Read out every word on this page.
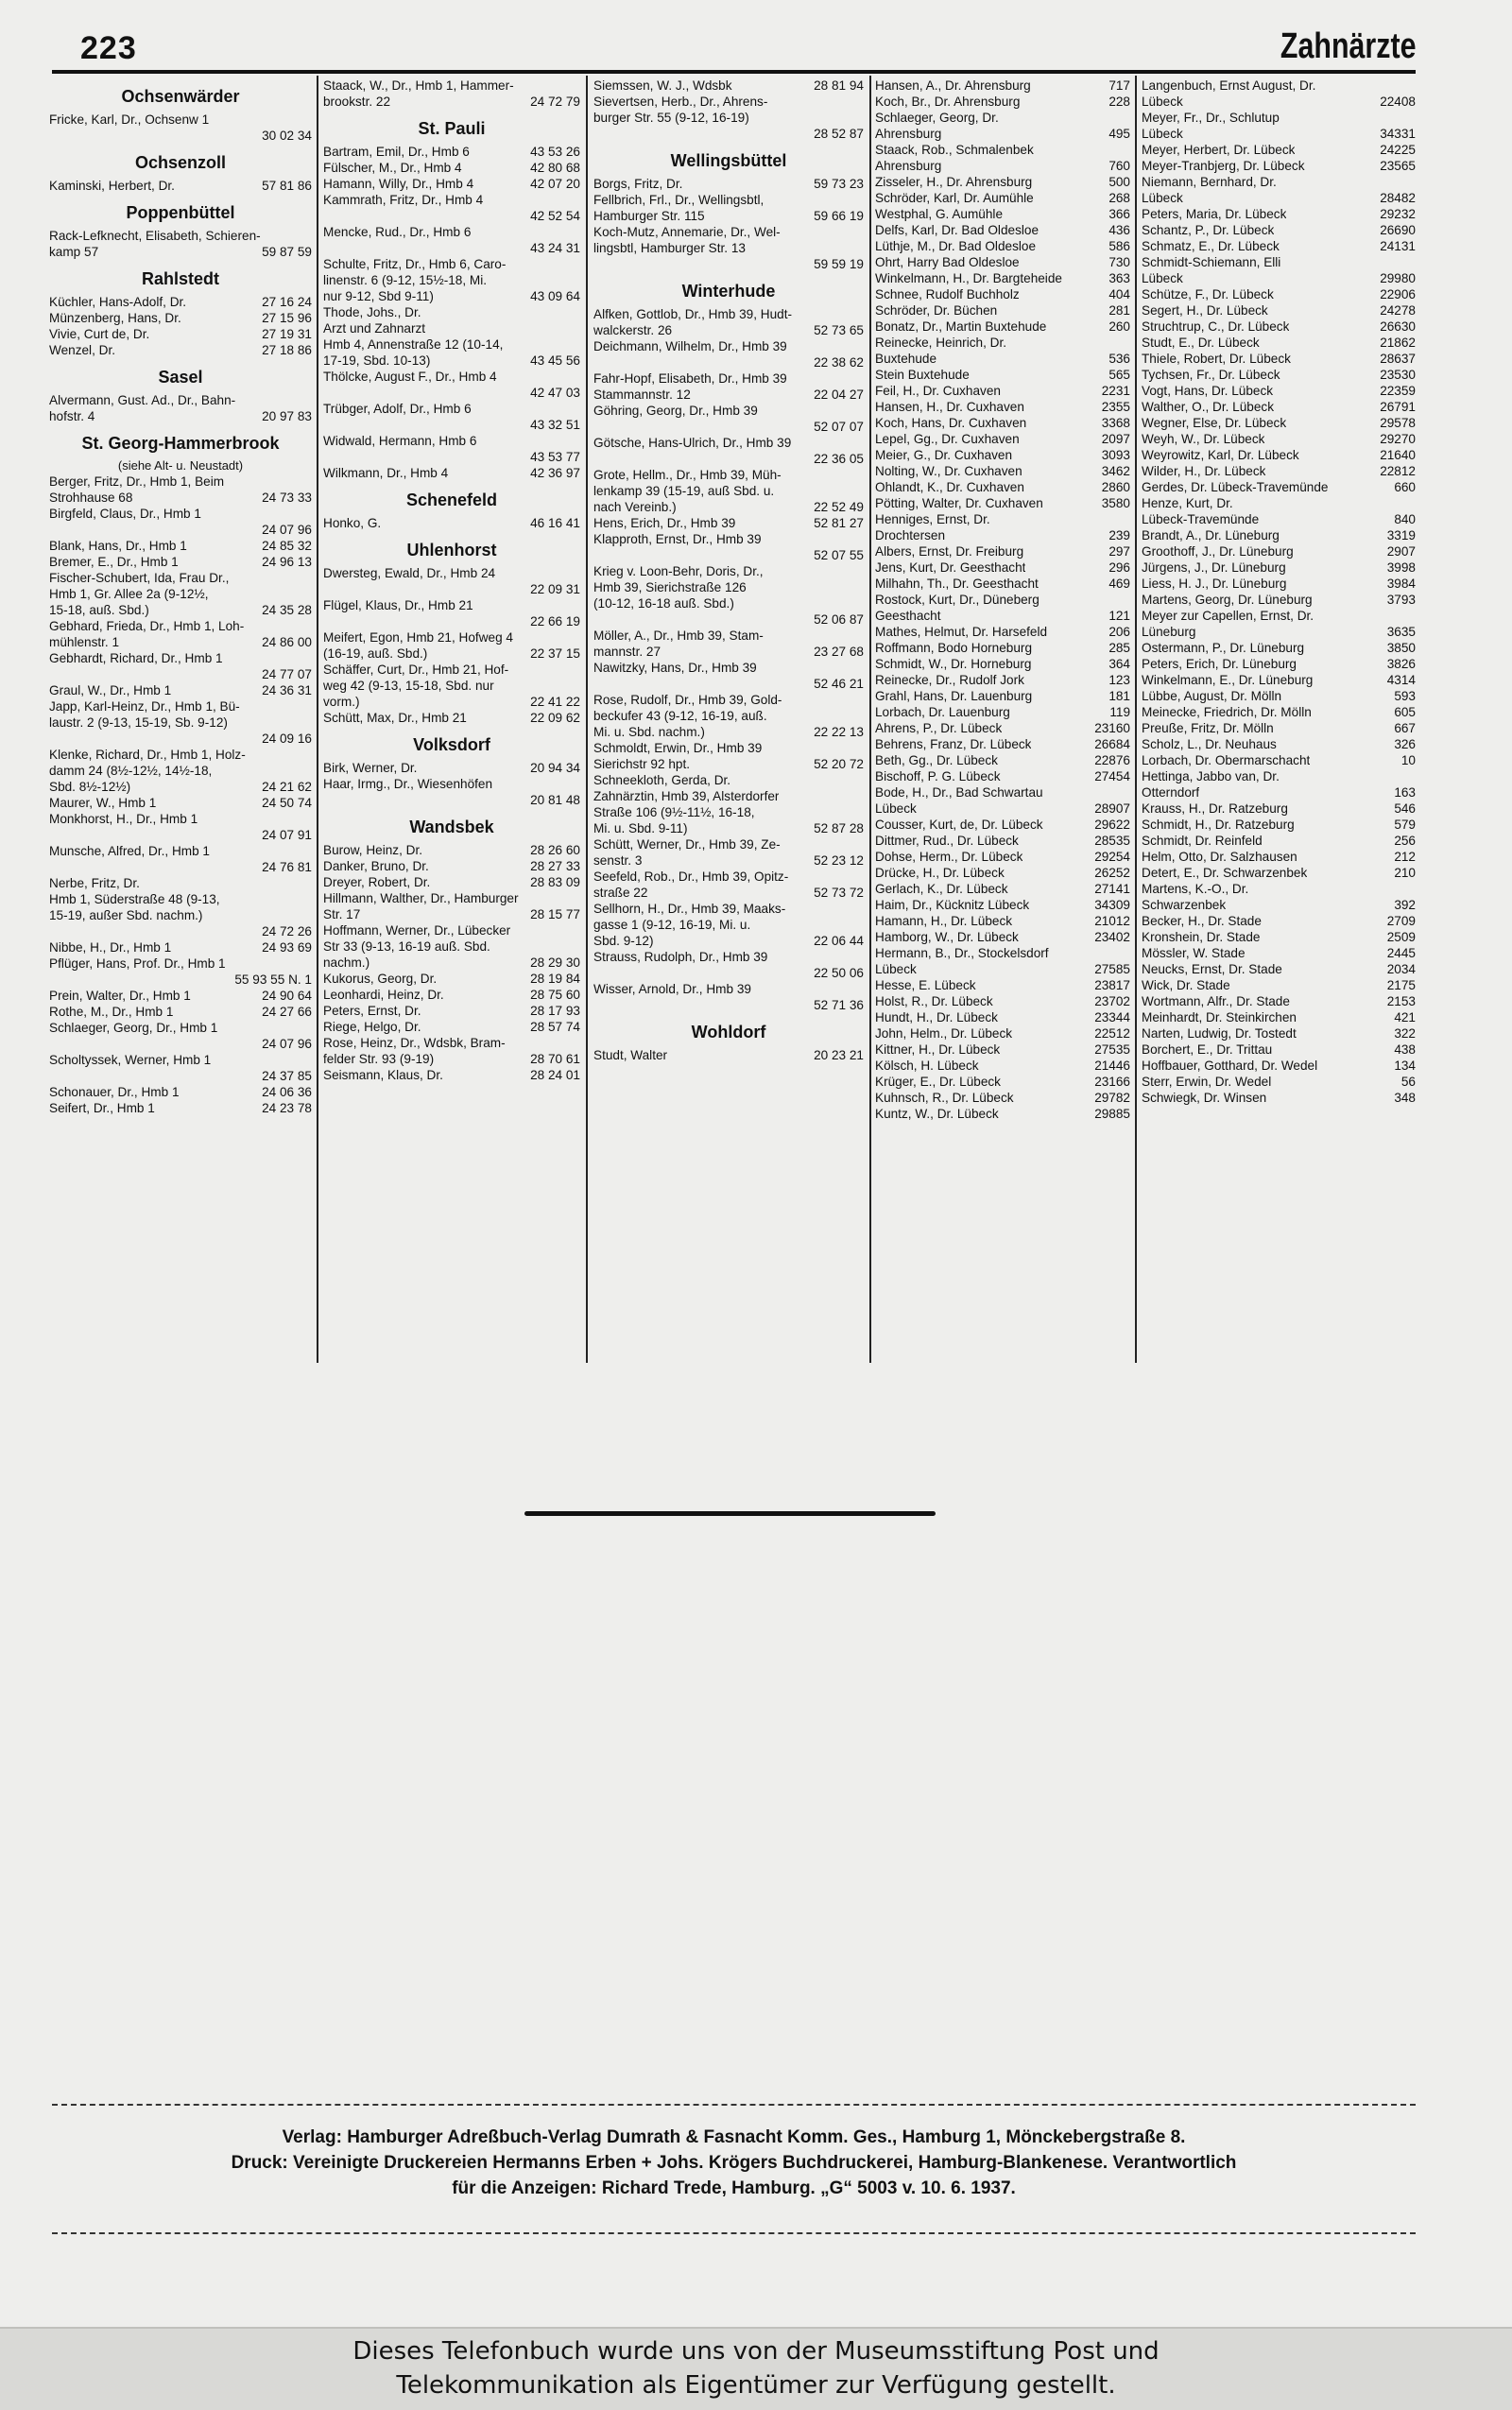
223	Zahnärzte
Ochsenwärder
Fricke, Karl, Dr., Ochsenw 1
30 02 34
Ochsenzoll
Kaminski, Herbert, Dr.	57 81 86
Poppenbüttel
Rack-Lefknecht, Elisabeth, Schieren-
kamp 57	59 87 59
Rahlstedt
Küchler, Hans-Adolf, Dr.	27 16 24
Münzenberg, Hans, Dr.	27 15 96
Vivie, Curt de, Dr.	27 19 31
Wenzel, Dr.	27 18 86
Sasel
Alvermann, Gust. Ad., Dr., Bahn-
hofstr. 4	20 97 83
St. Georg-Hammerbrook
(siehe Alt- u. Neustadt)
Berger, Fritz, Dr., Hmb 1, Beim
Strohhause 68	24 73 33
Birgfeld, Claus, Dr., Hmb 1
24 07 96
Blank, Hans, Dr., Hmb 1	24 85 32
Bremer, E., Dr., Hmb 1	24 96 13
Fischer-Schubert, Ida, Frau Dr.,
Hmb 1, Gr. Allee 2a (9-12½,
15-18, auß. Sbd.)	24 35 28
Gebhard, Frieda, Dr., Hmb 1, Loh-
mühlenstr. 1	24 86 00
Gebhardt, Richard, Dr., Hmb 1
24 77 07
Graul, W., Dr., Hmb 1	24 36 31
Japp, Karl-Heinz, Dr., Hmb 1, Bü-
laustr. 2 (9-13, 15-19, Sb. 9-12)
24 09 16
Klenke, Richard, Dr., Hmb 1, Holz-
damm 24 (8½-12½, 14½-18,
Sbd. 8½-12½)	24 21 62
Maurer, W., Hmb 1	24 50 74
Monkhorst, H., Dr., Hmb 1
24 07 91
Munsche, Alfred, Dr., Hmb 1
24 76 81
Nerbe, Fritz, Dr.
Hmb 1, Süderstraße 48 (9-13,
15-19, außer Sbd. nachm.)
24 72 26
Nibbe, H., Dr., Hmb 1	24 93 69
Pflüger, Hans, Prof. Dr., Hmb 1
55 93 55 N. 1
Prein, Walter, Dr., Hmb 1	24 90 64
Rothe, M., Dr., Hmb 1	24 27 66
Schlaeger, Georg, Dr., Hmb 1
24 07 96
Scholtyssek, Werner, Hmb 1
24 37 85
Schonauer, Dr., Hmb 1	24 06 36
Seifert, Dr., Hmb 1	24 23 78
Staack, W., Dr., Hmb 1, Hammer-
brookstr. 22	24 72 79
St. Pauli
Bartram, Emil, Dr., Hmb 6	43 53 26
Fülscher, M., Dr., Hmb 4	42 80 68
Hamann, Willy, Dr., Hmb 4	42 07 20
Kammrath, Fritz, Dr., Hmb 4
42 52 54
Mencke, Rud., Dr., Hmb 6
43 24 31
Schulte, Fritz, Dr., Hmb 6, Caro-
linenstr. 6 (9-12, 15½-18, Mi.
nur 9-12, Sbd 9-11)	43 09 64
Thode, Johs., Dr.
Arzt und Zahnarzt
Hmb 4, Annenstraße 12 (10-14,
17-19, Sbd. 10-13)	43 45 56
Thölcke, August F., Dr., Hmb 4
42 47 03
Trübger, Adolf, Dr., Hmb 6
43 32 51
Widwald, Hermann, Hmb 6
43 53 77
Wilkmann, Dr., Hmb 4	42 36 97
Schenefeld
Honko, G.	46 16 41
Uhlenhorst
Dwersteg, Ewald, Dr., Hmb 24
22 09 31
Flügel, Klaus, Dr., Hmb 21
22 66 19
Meifert, Egon, Hmb 21, Hofweg 4
(16-19, auß. Sbd.)	22 37 15
Schäffer, Curt, Dr., Hmb 21, Hof-
weg 42 (9-13, 15-18, Sbd. nur
vorm.)	22 41 22
Schütt, Max, Dr., Hmb 21	22 09 62
Volksdorf
Birk, Werner, Dr.	20 94 34
Haar, Irmg., Dr., Wiesenhöfen
20 81 48
Wandsbek
Burow, Heinz, Dr.	28 26 60
Danker, Bruno, Dr.	28 27 33
Dreyer, Robert, Dr.	28 83 09
Hillmann, Walther, Dr., Hamburger
Str. 17	28 15 77
Hoffmann, Werner, Dr., Lübecker
Str 33 (9-13, 16-19 auß. Sbd.
nachm.)	28 29 30
Kukorus, Georg, Dr.	28 19 84
Leonhardi, Heinz, Dr.	28 75 60
Peters, Ernst, Dr.	28 17 93
Riege, Helgo, Dr.	28 57 74
Rose, Heinz, Dr., Wdsbk, Bram-
felder Str. 93 (9-19)	28 70 61
Seismann, Klaus, Dr.	28 24 01
Siemssen, W. J., Wdsbk	28 81 94
Sievertsen, Herb., Dr., Ahrens-
burger Str. 55 (9-12, 16-19)
28 52 87
Wellingsbüttel
Borgs, Fritz, Dr.	59 73 23
Fellbrich, Frl., Dr., Wellingsbtl,
Hamburger Str. 115	59 66 19
Koch-Mutz, Annemarie, Dr., Wel-
lingsbtl, Hamburger Str. 13
59 59 19
Winterhude
Alfken, Gottlob, Dr., Hmb 39, Hudt-
walckerstr. 26	52 73 65
Deichmann, Wilhelm, Dr., Hmb 39
22 38 62
Fahr-Hopf, Elisabeth, Dr., Hmb 39
Stammannstr. 12	22 04 27
Göhring, Georg, Dr., Hmb 39
52 07 07
Götsche, Hans-Ulrich, Dr., Hmb 39
22 36 05
Grote, Hellm., Dr., Hmb 39, Müh-
lenkamp 39 (15-19, auß Sbd. u.
nach Vereinb.)	22 52 49
Hens, Erich, Dr., Hmb 39	52 81 27
Klapproth, Ernst, Dr., Hmb 39
52 07 55
Krieg v. Loon-Behr, Doris, Dr.,
Hmb 39, Sierichstraße 126
(10-12, 16-18 auß. Sbd.)
52 06 87
Möller, A., Dr., Hmb 39, Stam-
mannstr. 27	23 27 68
Nawitzky, Hans, Dr., Hmb 39
52 46 21
Rose, Rudolf, Dr., Hmb 39, Gold-
beckufer 43 (9-12, 16-19, auß.
Mi. u. Sbd. nachm.)	22 22 13
Schmoldt, Erwin, Dr., Hmb 39
Sierichstr 92 hpt.	52 20 72
Schneekloth, Gerda, Dr.
Zahnärztin, Hmb 39, Alsterdorfer
Straße 106 (9½-11½, 16-18,
Mi. u. Sbd. 9-11)	52 87 28
Schütt, Werner, Dr., Hmb 39, Ze-
senstr. 3	52 23 12
Seefeld, Rob., Dr., Hmb 39, Opitz-
straße 22	52 73 72
Sellhorn, H., Dr., Hmb 39, Maaks-
gasse 1 (9-12, 16-19, Mi. u.
Sbd. 9-12)	22 06 44
Strauss, Rudolph, Dr., Hmb 39
22 50 06
Wisser, Arnold, Dr., Hmb 39
52 71 36
Wohldorf
Studt, Walter	20 23 21
Hansen, A., Dr. Ahrensburg	717
Koch, Br., Dr. Ahrensburg	228
Schlaeger, Georg, Dr.
Ahrensburg	495
Staack, Rob., Schmalenbek
Ahrensburg	760
Zisseler, H., Dr. Ahrensburg	500
Schröder, Karl, Dr. Aumühle	268
Westphal, G. Aumühle	366
Delfs, Karl, Dr. Bad Oldesloe	436
Lüthje, M., Dr. Bad Oldesloe	586
Ohrt, Harry Bad Oldesloe	730
Winkelmann, H., Dr. Bargteheide	363
Schnee, Rudolf Buchholz	404
Schröder, Dr. Büchen	281
Bonatz, Dr., Martin Buxtehude	260
Reinecke, Heinrich, Dr.
Buxtehude	536
Stein Buxtehude	565
Feil, H., Dr. Cuxhaven	2231
Hansen, H., Dr. Cuxhaven	2355
Koch, Hans, Dr. Cuxhaven	3368
Lepel, Gg., Dr. Cuxhaven	2097
Meier, G., Dr. Cuxhaven	3093
Nolting, W., Dr. Cuxhaven	3462
Ohlandt, K., Dr. Cuxhaven	2860
Pötting, Walter, Dr. Cuxhaven	3580
Henniges, Ernst, Dr.
Drochtersen	239
Albers, Ernst, Dr. Freiburg	297
Jens, Kurt, Dr. Geesthacht	296
Milhahn, Th., Dr. Geesthacht	469
Rostock, Kurt, Dr., Düneberg
Geesthacht	121
Mathes, Helmut, Dr. Harsefeld	206
Roffmann, Bodo Horneburg	285
Schmidt, W., Dr. Horneburg	364
Reinecke, Dr., Rudolf Jork	123
Grahl, Hans, Dr. Lauenburg	181
Lorbach, Dr. Lauenburg	119
Ahrens, P., Dr. Lübeck	23160
Behrens, Franz, Dr. Lübeck	26684
Beth, Gg., Dr. Lübeck	22876
Bischoff, P. G. Lübeck	27454
Bode, H., Dr., Bad Schwartau
Lübeck	28907
Cousser, Kurt, de, Dr. Lübeck	29622
Dittmer, Rud., Dr. Lübeck	28535
Dohse, Herm., Dr. Lübeck	29254
Drücke, H., Dr. Lübeck	26252
Gerlach, K., Dr. Lübeck	27141
Haim, Dr., Kücknitz Lübeck	34309
Hamann, H., Dr. Lübeck	21012
Hamborg, W., Dr. Lübeck	23402
Hermann, B., Dr., Stockelsdorf
Lübeck	27585
Hesse, E. Lübeck	23817
Holst, R., Dr. Lübeck	23702
Hundt, H., Dr. Lübeck	23344
John, Helm., Dr. Lübeck	22512
Kittner, H., Dr. Lübeck	27535
Kölsch, H. Lübeck	21446
Krüger, E., Dr. Lübeck	23166
Kuhnsch, R., Dr. Lübeck	29782
Kuntz, W., Dr. Lübeck	29885
Langenbuch, Ernst August, Dr.
Lübeck	22408
Meyer, Fr., Dr., Schlutup
Lübeck	34331
Meyer, Herbert, Dr. Lübeck	24225
Meyer-Tranbjerg, Dr. Lübeck	23565
Niemann, Bernhard, Dr.
Lübeck	28482
Peters, Maria, Dr. Lübeck	29232
Schantz, P., Dr. Lübeck	26690
Schmatz, E., Dr. Lübeck	24131
Schmidt-Schiemann, Elli
Lübeck	29980
Schütze, F., Dr. Lübeck	22906
Segert, H., Dr. Lübeck	24278
Struchtrup, C., Dr. Lübeck	26630
Studt, E., Dr. Lübeck	21862
Thiele, Robert, Dr. Lübeck	28637
Tychsen, Fr., Dr. Lübeck	23530
Vogt, Hans, Dr. Lübeck	22359
Walther, O., Dr. Lübeck	26791
Wegner, Else, Dr. Lübeck	29578
Weyh, W., Dr. Lübeck	29270
Weyrowitz, Karl, Dr. Lübeck	21640
Wilder, H., Dr. Lübeck	22812
Gerdes, Dr. Lübeck-Travemünde	660
Henze, Kurt, Dr.
Lübeck-Travemünde	840
Brandt, A., Dr. Lüneburg	3319
Groothoff, J., Dr. Lüneburg	2907
Jürgens, J., Dr. Lüneburg	3998
Liess, H. J., Dr. Lüneburg	3984
Martens, Georg, Dr. Lüneburg	3793
Meyer zur Capellen, Ernst, Dr.
Lüneburg	3635
Ostermann, P., Dr. Lüneburg	3850
Peters, Erich, Dr. Lüneburg	3826
Winkelmann, E., Dr. Lüneburg	4314
Lübbe, August, Dr. Mölln	593
Meinecke, Friedrich, Dr. Mölln	605
Preuße, Fritz, Dr. Mölln	667
Scholz, L., Dr. Neuhaus	326
Lorbach, Dr. Obermarschacht	10
Hettinga, Jabbo van, Dr.
Otterndorf	163
Krauss, H., Dr. Ratzeburg	546
Schmidt, H., Dr. Ratzeburg	579
Schmidt, Dr. Reinfeld	256
Helm, Otto, Dr. Salzhausen	212
Detert, E., Dr. Schwarzenbek	210
Martens, K.-O., Dr.
Schwarzenbek	392
Becker, H., Dr. Stade	2709
Kronshein, Dr. Stade	2509
Mössler, W. Stade	2445
Neucks, Ernst, Dr. Stade	2034
Wick, Dr. Stade	2175
Wortmann, Alfr., Dr. Stade	2153
Meinhardt, Dr. Steinkirchen	421
Narten, Ludwig, Dr. Tostedt	322
Borchert, E., Dr. Trittau	438
Hoffbauer, Gotthard, Dr. Wedel	134
Sterr, Erwin, Dr. Wedel	56
Schwiegk, Dr. Winsen	348
Verlag: Hamburger Adreßbuch-Verlag Dumrath & Fasnacht Komm. Ges., Hamburg 1, Mönckebergstraße 8.
Druck: Vereinigte Druckereien Hermanns Erben + Johs. Krögers Buchdruckerei, Hamburg-Blankenese. Verantwortlich
für die Anzeigen: Richard Trede, Hamburg. „G“ 5003 v. 10. 6. 1937.
Dieses Telefonbuch wurde uns von der Museumsstiftung Post und
Telekommunikation als Eigentümer zur Verfügung gestellt.
